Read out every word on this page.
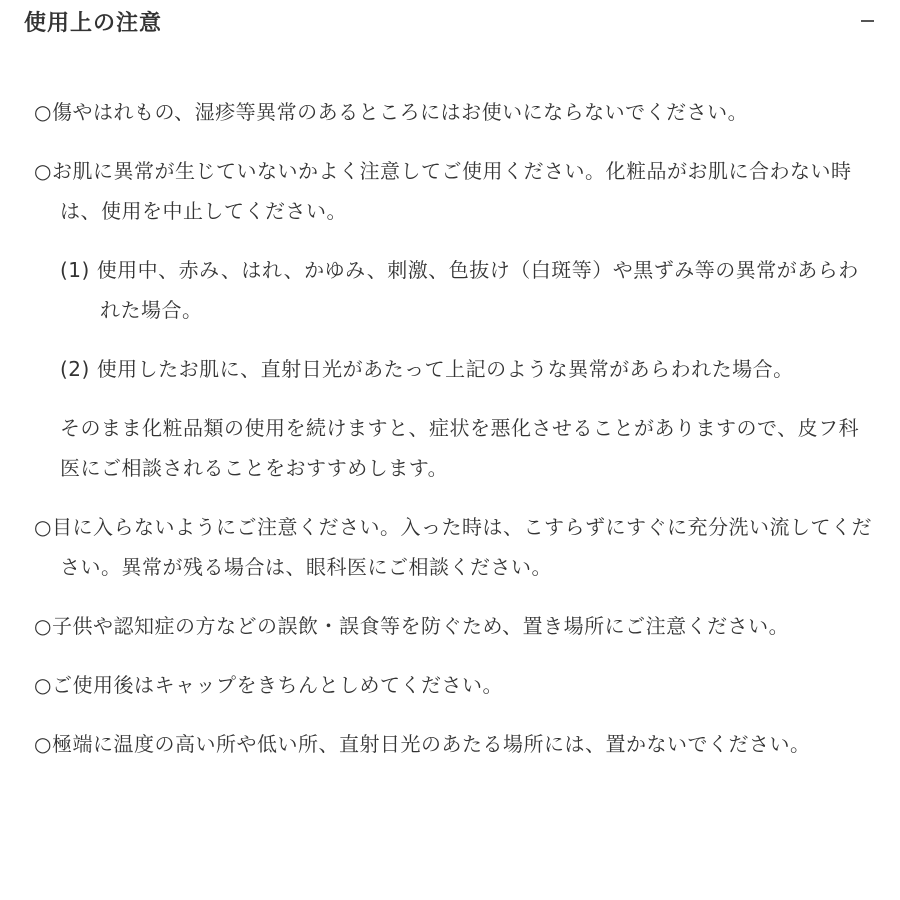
使用上の注意

○傷やはれもの、湿疹等異常のあるところにはお使いにならないでください。

○お肌に異常が生じていないかよく注意してご使用ください。化粧品がお肌に合わない時は、使用を中止してください。

(1) 使用中、赤み、はれ、かゆみ、刺激、色抜け（白斑等）や黒ずみ等の異常があらわれた場合。

(2) 使用したお肌に、直射日光があたって上記のような異常があらわれた場合。

そのまま化粧品類の使用を続けますと、症状を悪化させることがありますので、皮フ科医にご相談されることをおすすめします。

○目に入らないようにご注意ください。入った時は、こすらずにすぐに充分洗い流してください。異常が残る場合は、眼科医にご相談ください。

○子供や認知症の方などの誤飲・誤食等を防ぐため、置き場所にご注意ください。

○ご使用後はキャップをきちんとしめてください。

○極端に温度の高い所や低い所、直射日光のあたる場所には、置かないでください。
